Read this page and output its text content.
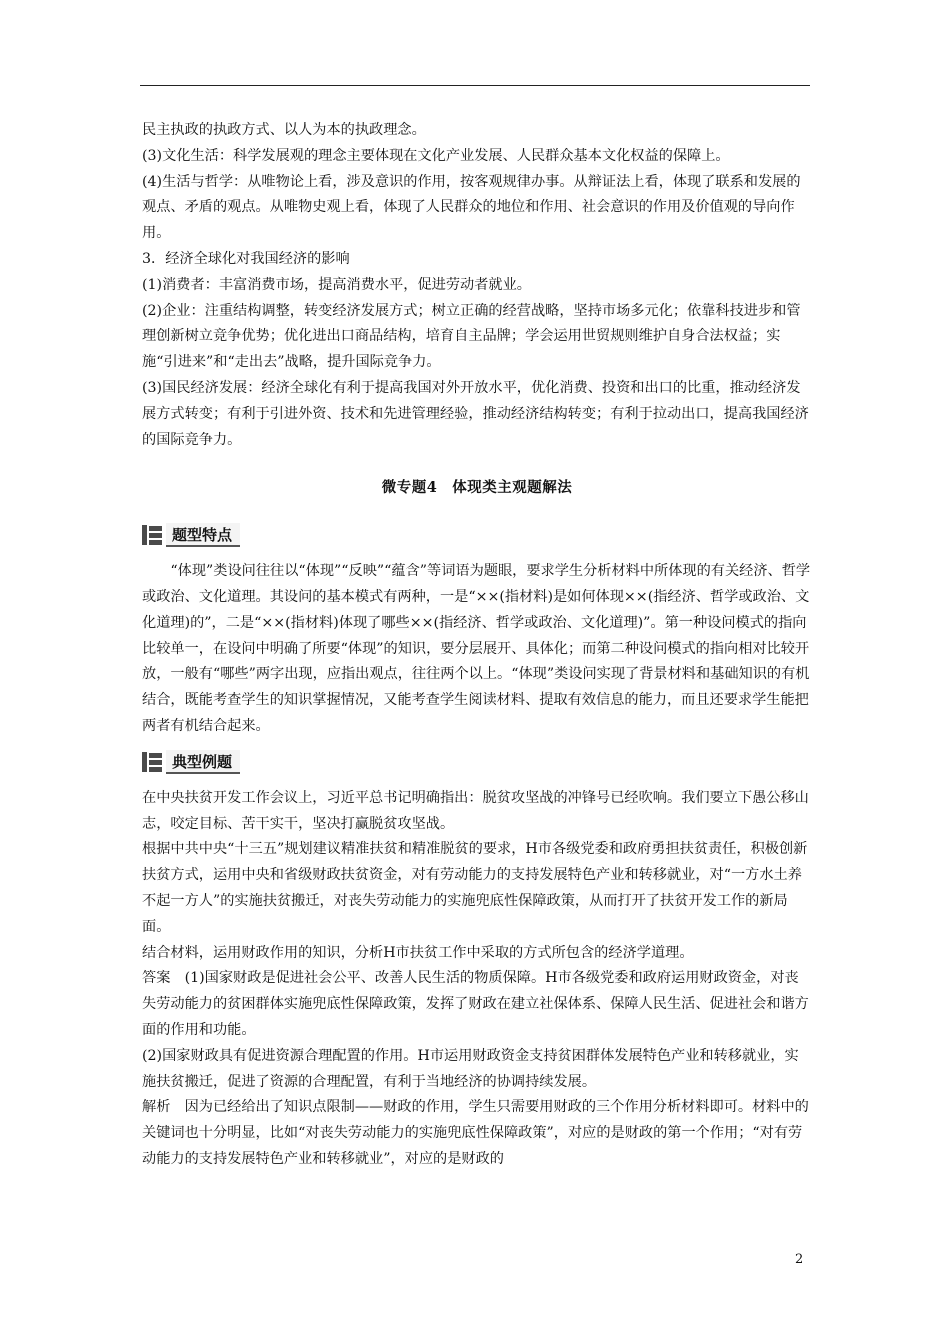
民主执政的执政方式、以人为本的执政理念。

(3)文化生活：科学发展观的理念主要体现在文化产业发展、人民群众基本文化权益的保障上。

(4)生活与哲学：从唯物论上看，涉及意识的作用，按客观规律办事。从辩证法上看，体现了联系和发展的观点、矛盾的观点。从唯物史观上看，体现了人民群众的地位和作用、社会意识的作用及价值观的导向作用。

3．经济全球化对我国经济的影响

(1)消费者：丰富消费市场，提高消费水平，促进劳动者就业。

(2)企业：注重结构调整，转变经济发展方式；树立正确的经营战略，坚持市场多元化；依靠科技进步和管理创新树立竞争优势；优化进出口商品结构，培育自主品牌；学会运用世贸规则维护自身合法权益；实施“引进来”和“走出去”战略，提升国际竞争力。

(3)国民经济发展：经济全球化有利于提高我国对外开放水平，优化消费、投资和出口的比重，推动经济发展方式转变；有利于引进外资、技术和先进管理经验，推动经济结构转变；有利于拉动出口，提高我国经济的国际竞争力。

微专题4　体现类主观题解法
题型特点

“体现”类设问往往以“体现”“反映”“蕴含”等词语为题眼，要求学生分析材料中所体现的有关经济、哲学或政治、文化道理。其设问的基本模式有两种，一是“××(指材料)是如何体现××(指经济、哲学或政治、文化道理)的”，二是“××(指材料)体现了哪些××(指经济、哲学或政治、文化道理)”。第一种设问模式的指向比较单一，在设问中明确了所要“体现”的知识，要分层展开、具体化；而第二种设问模式的指向相对比较开放，一般有“哪些”两字出现，应指出观点，往往两个以上。“体现”类设问实现了背景材料和基础知识的有机结合，既能考查学生的知识掌握情况，又能考查学生阅读材料、提取有效信息的能力，而且还要求学生能把两者有机结合起来。

典型例题

在中央扶贫开发工作会议上，习近平总书记明确指出：脱贫攻坚战的冲锋号已经吹响。我们要立下愚公移山志，咬定目标、苦干实干，坚决打赢脱贫攻坚战。

根据中共中央“十三五”规划建议精准扶贫和精准脱贫的要求，H市各级党委和政府勇担扶贫责任，积极创新扶贫方式，运用中央和省级财政扶贫资金，对有劳动能力的支持发展特色产业和转移就业，对“一方水土养不起一方人”的实施扶贫搬迁，对丧失劳动能力的实施兜底性保障政策，从而打开了扶贫开发工作的新局面。

结合材料，运用财政作用的知识，分析H市扶贫工作中采取的方式所包含的经济学道理。

答案　(1)国家财政是促进社会公平、改善人民生活的物质保障。H市各级党委和政府运用财政资金，对丧失劳动能力的贫困群体实施兜底性保障政策，发挥了财政在建立社保体系、保障人民生活、促进社会和谐方面的作用和功能。

(2)国家财政具有促进资源合理配置的作用。H市运用财政资金支持贫困群体发展特色产业和转移就业，实施扶贫搬迁，促进了资源的合理配置，有利于当地经济的协调持续发展。

解析　因为已经给出了知识点限制——财政的作用，学生只需要用财政的三个作用分析材料即可。材料中的关键词也十分明显，比如“对丧失劳动能力的实施兜底性保障政策”，对应的是财政的第一个作用；“对有劳动能力的支持发展特色产业和转移就业”，对应的是财政的

2
